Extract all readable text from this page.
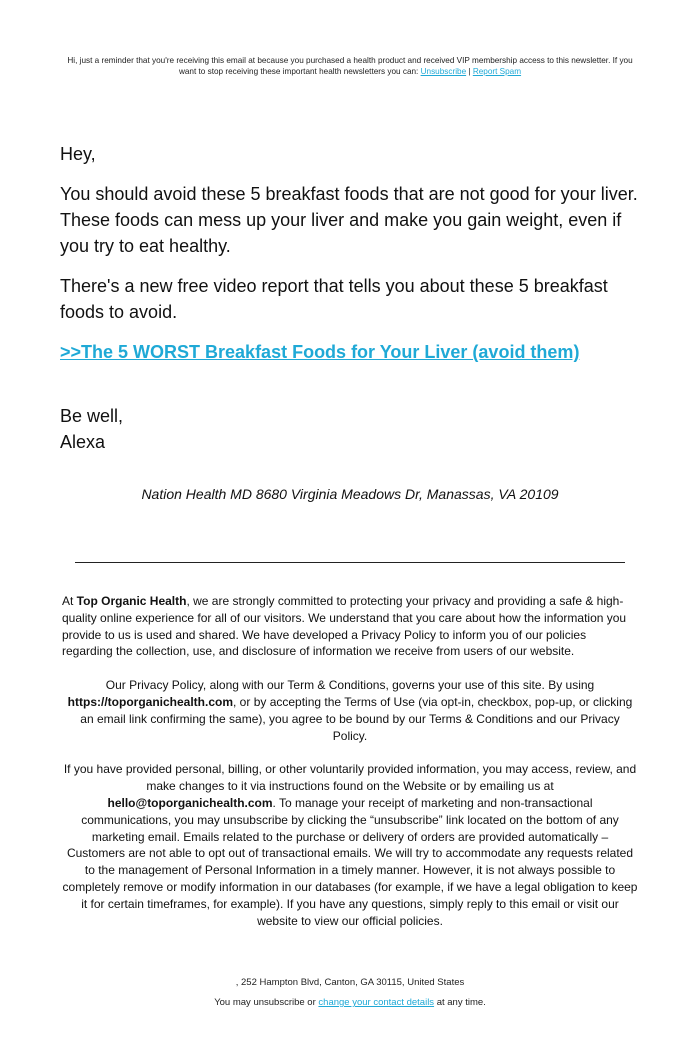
Hi, just a reminder that you're receiving this email at because you purchased a health product and received VIP membership access to this newsletter. If you want to stop receiving these important health newsletters you can: Unsubscribe | Report Spam

Hey,

You should avoid these 5 breakfast foods that are not good for your liver. These foods can mess up your liver and make you gain weight, even if you try to eat healthy.

There's a new free video report that tells you about these 5 breakfast foods to avoid.

>>The 5 WORST Breakfast Foods for Your Liver (avoid them)

Be well,
Alexa
Nation Health MD 8680 Virginia Meadows Dr, Manassas, VA 20109

At Top Organic Health, we are strongly committed to protecting your privacy and providing a safe & high-quality online experience for all of our visitors. We understand that you care about how the information you provide to us is used and shared. We have developed a Privacy Policy to inform you of our policies regarding the collection, use, and disclosure of information we receive from users of our website.

Our Privacy Policy, along with our Term & Conditions, governs your use of this site. By using https://toporganichealth.com, or by accepting the Terms of Use (via opt-in, checkbox, pop-up, or clicking an email link confirming the same), you agree to be bound by our Terms & Conditions and our Privacy Policy.

If you have provided personal, billing, or other voluntarily provided information, you may access, review, and make changes to it via instructions found on the Website or by emailing us at hello@toporganichealth.com. To manage your receipt of marketing and non-transactional communications, you may unsubscribe by clicking the “unsubscribe” link located on the bottom of any marketing email. Emails related to the purchase or delivery of orders are provided automatically – Customers are not able to opt out of transactional emails. We will try to accommodate any requests related to the management of Personal Information in a timely manner. However, it is not always possible to completely remove or modify information in our databases (for example, if we have a legal obligation to keep it for certain timeframes, for example). If you have any questions, simply reply to this email or visit our website to view our official policies.

, 252 Hampton Blvd, Canton, GA 30115, United States
You may unsubscribe or change your contact details at any time.
